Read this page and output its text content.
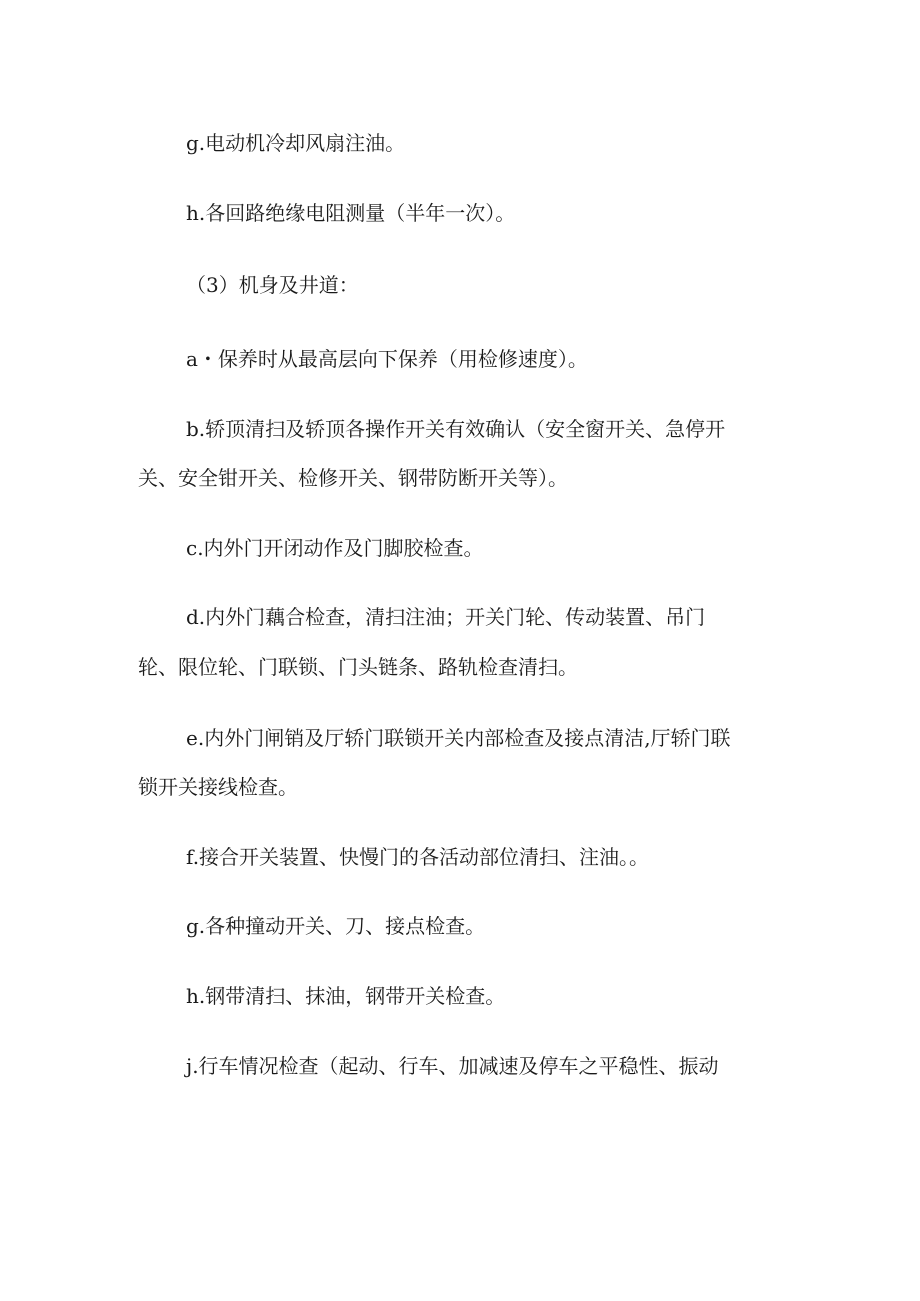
g.电动机冷却风扇注油。
h.各回路绝缘电阻测量（半年一次）。
（3）机身及井道：
a・保养时从最高层向下保养（用检修速度）。
b.轿顶清扫及轿顶各操作开关有效确认（安全窗开关、急停开
关、安全钳开关、检修开关、钢带防断开关等）。
c.内外门开闭动作及门脚胶检查。
d.内外门藕合检查，清扫注油；开关门轮、传动装置、吊门
轮、限位轮、门联锁、门头链条、路轨检查清扫。
e.内外门闸销及厅轿门联锁开关内部检查及接点清洁,厅轿门联
锁开关接线检查。
f.接合开关装置、快慢门的各活动部位清扫、注油。。
g.各种撞动开关、刀、接点检查。
h.钢带清扫、抹油，钢带开关检查。
j.行车情况检查（起动、行车、加减速及停车之平稳性、振动
